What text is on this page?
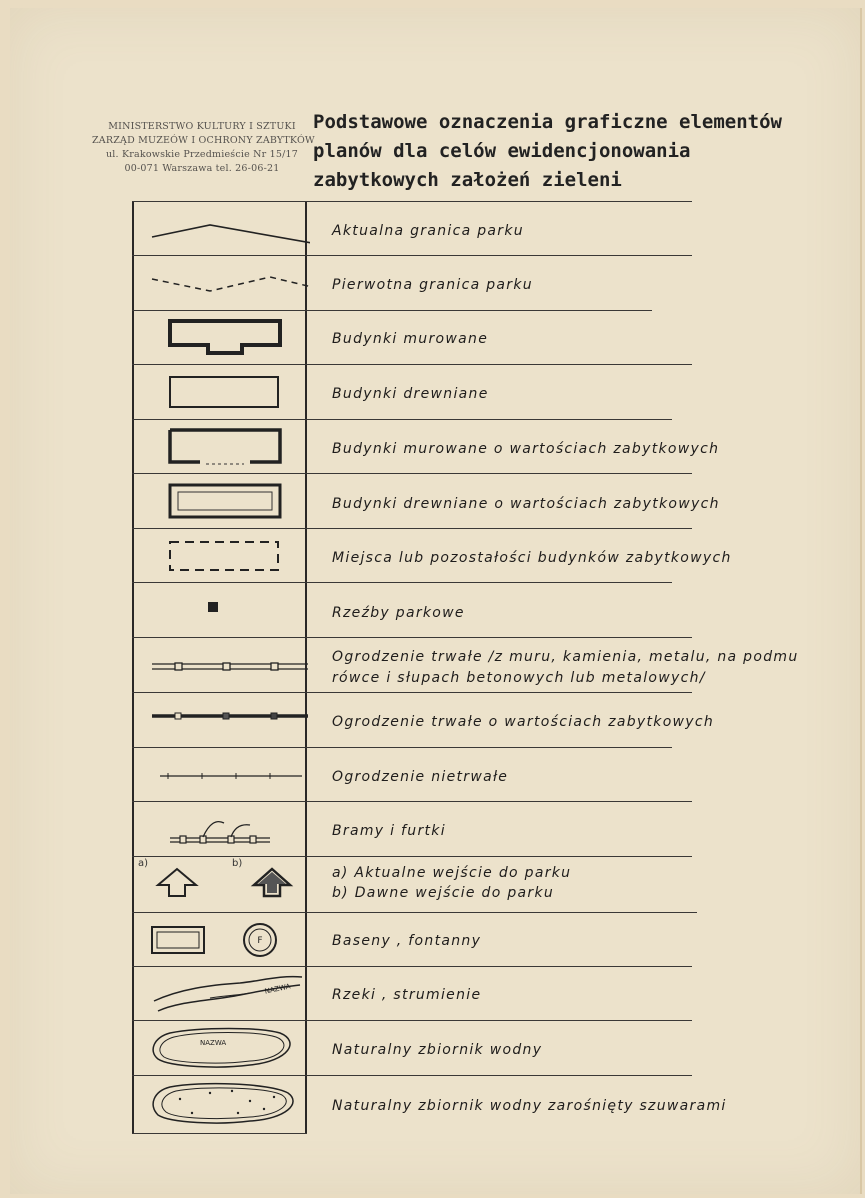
MINISTERSTWO KULTURY I SZTUKI
ZARZĄD MUZEÓW I OCHRONY ZABYTKÓW
ul. Krakowskie Przedmieście Nr 15/17
00-071 Warszawa tel. 26-06-21
Podstawowe oznaczenia graficzne elementów
planów dla celów ewidencjonowania
zabytkowych założeń zieleni
Aktualna granica parku
Pierwotna granica parku
Budynki murowane
Budynki drewniane
Budynki murowane o wartościach zabytkowych
Budynki drewniane o wartościach zabytkowych
Miejsca lub pozostałości budynków zabytkowych
Rzeźby parkowe
Ogrodzenie trwałe /z muru, kamienia, metalu, na podmu
rówce i słupach betonowych lub metalowych/
Ogrodzenie trwałe o wartościach zabytkowych
Ogrodzenie nietrwałe
Bramy i furtki
a)	b)
a) Aktualne wejście do parku
b) Dawne wejście do parku
F	Baseny , fontanny
NAZWA	Rzeki , strumienie
NAZWA	Naturalny zbiornik wodny
Naturalny zbiornik wodny zarośnięty szuwarami
